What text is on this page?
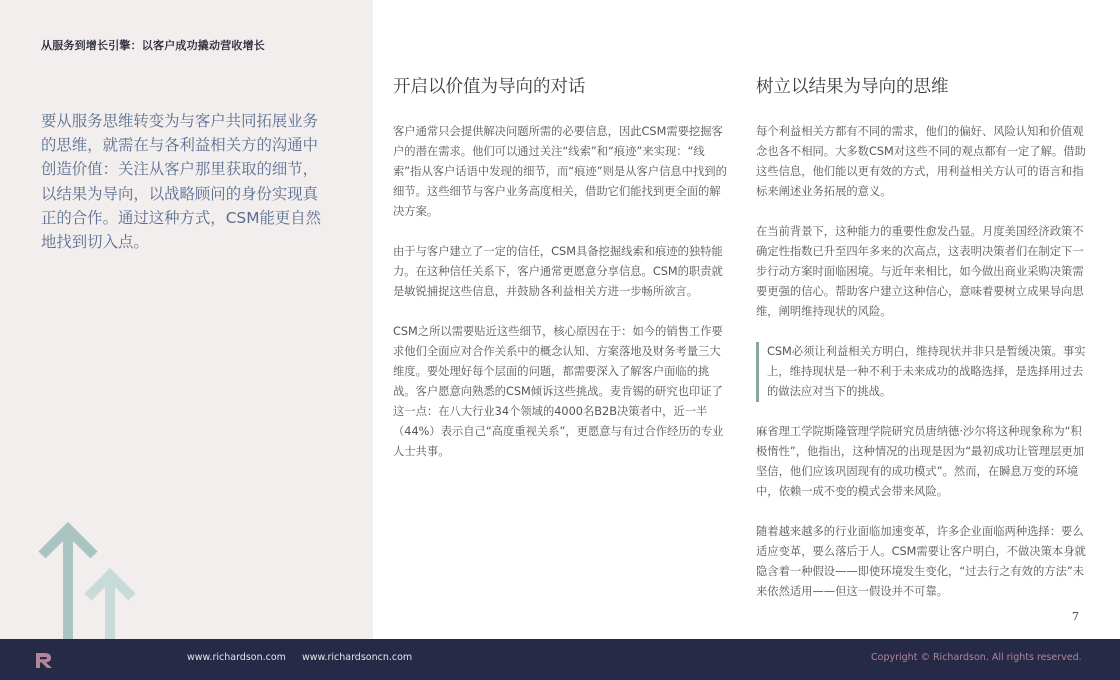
从服务到增长引擎：以客户成功撬动营收增长
要从服务思维转变为与客户共同拓展业务的思维，就需在与各利益相关方的沟通中创造价值：关注从客户那里获取的细节，以结果为导向，以战略顾问的身份实现真正的合作。通过这种方式，CSM能更自然地找到切入点。
开启以价值为导向的对话

客户通常只会提供解决问题所需的必要信息，因此CSM需要挖掘客户的潜在需求。他们可以通过关注“线索”和“痕迹”来实现：“线索”指从客户话语中发现的细节，而“痕迹”则是从客户信息中找到的细节。这些细节与客户业务高度相关，借助它们能找到更全面的解决方案。

由于与客户建立了一定的信任，CSM具备挖掘线索和痕迹的独特能力。在这种信任关系下，客户通常更愿意分享信息。CSM的职责就是敏锐捕捉这些信息，并鼓励各利益相关方进一步畅所欲言。

CSM之所以需要贴近这些细节，核心原因在于：如今的销售工作要求他们全面应对合作关系中的概念认知、方案落地及财务考量三大维度。要处理好每个层面的问题，都需要深入了解客户面临的挑战。客户愿意向熟悉的CSM倾诉这些挑战。麦肯锡的研究也印证了这一点：在八大行业34个领域的4000名B2B决策者中，近一半（44%）表示自己“高度重视关系”，更愿意与有过合作经历的专业人士共事。

树立以结果为导向的思维

每个利益相关方都有不同的需求，他们的偏好、风险认知和价值观念也各不相同。大多数CSM对这些不同的观点都有一定了解。借助这些信息，他们能以更有效的方式，用利益相关方认可的语言和指标来阐述业务拓展的意义。

在当前背景下，这种能力的重要性愈发凸显。月度美国经济政策不确定性指数已升至四年多来的次高点，这表明决策者们在制定下一步行动方案时面临困境。与近年来相比，如今做出商业采购决策需要更强的信心。帮助客户建立这种信心，意味着要树立成果导向思维，阐明维持现状的风险。

CSM必须让利益相关方明白，维持现状并非只是暂缓决策。事实上，维持现状是一种不利于未来成功的战略选择，是选择用过去的做法应对当下的挑战。

麻省理工学院斯隆管理学院研究员唐纳德·沙尔将这种现象称为“积极惰性”，他指出，这种情况的出现是因为“最初成功让管理层更加坚信，他们应该巩固现有的成功模式”。然而，在瞬息万变的环境中，依赖一成不变的模式会带来风险。

随着越来越多的行业面临加速变革，许多企业面临两种选择：要么适应变革，要么落后于人。CSM需要让客户明白，不做决策本身就隐含着一种假设——即使环境发生变化，“过去行之有效的方法”未来依然适用——但这一假设并不可靠。

7
www.richardson.com www.richardsoncn.com	Copyright © Richardson. All rights reserved.
